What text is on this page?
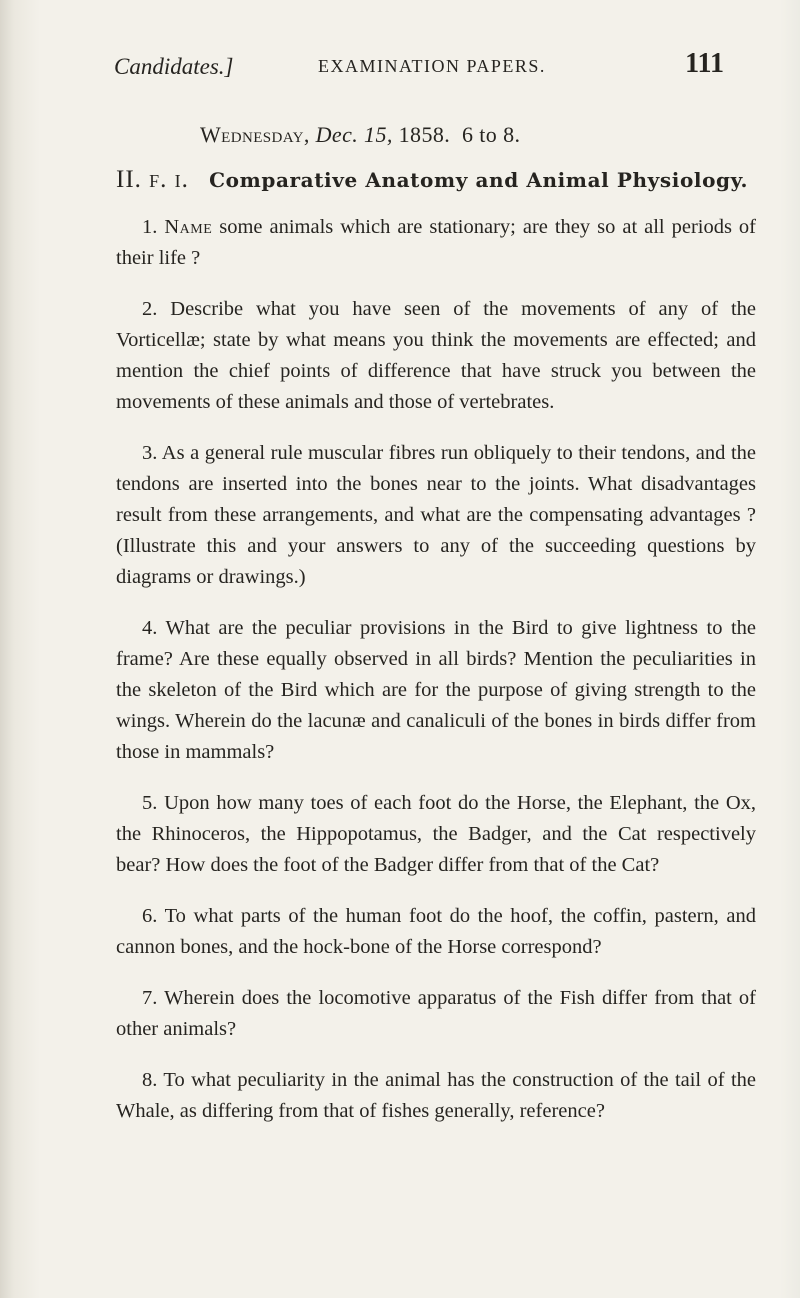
Candidates.]	EXAMINATION PAPERS.	111
Wednesday, Dec. 15, 1858. 6 to 8.
II. f. i. Comparative Anatomy and Animal Physiology.

1. Name some animals which are stationary; are they so at all periods of their life ?

2. Describe what you have seen of the movements of any of the Vorticellæ; state by what means you think the movements are effected; and mention the chief points of difference that have struck you between the movements of these animals and those of vertebrates.

3. As a general rule muscular fibres run obliquely to their tendons, and the tendons are inserted into the bones near to the joints. What disadvantages result from these arrangements, and what are the compensating advantages ? (Illustrate this and your answers to any of the succeeding questions by diagrams or drawings.)

4. What are the peculiar provisions in the Bird to give lightness to the frame? Are these equally observed in all birds? Mention the peculiarities in the skeleton of the Bird which are for the purpose of giving strength to the wings. Wherein do the lacunæ and canaliculi of the bones in birds differ from those in mammals?

5. Upon how many toes of each foot do the Horse, the Elephant, the Ox, the Rhinoceros, the Hippopotamus, the Badger, and the Cat respectively bear? How does the foot of the Badger differ from that of the Cat?

6. To what parts of the human foot do the hoof, the coffin, pastern, and cannon bones, and the hock-bone of the Horse correspond?

7. Wherein does the locomotive apparatus of the Fish differ from that of other animals?

8. To what peculiarity in the animal has the construction of the tail of the Whale, as differing from that of fishes generally, reference?
